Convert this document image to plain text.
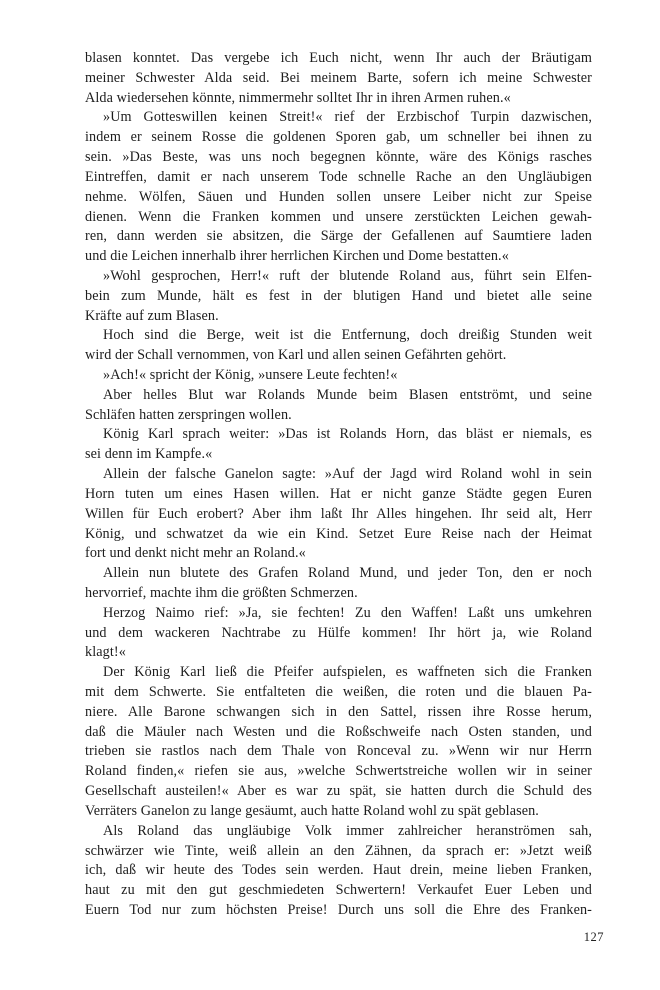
blasen konntet. Das vergebe ich Euch nicht, wenn Ihr auch der Bräutigam
meiner Schwester Alda seid. Bei meinem Barte, sofern ich meine Schwester
Alda wiedersehen könnte, nimmermehr solltet Ihr in ihren Armen ruhen.«
»Um Gotteswillen keinen Streit!« rief der Erzbischof Turpin dazwischen,
indem er seinem Rosse die goldenen Sporen gab, um schneller bei ihnen zu
sein. »Das Beste, was uns noch begegnen könnte, wäre des Königs rasches
Eintreffen, damit er nach unserem Tode schnelle Rache an den Ungläubigen
nehme. Wölfen, Säuen und Hunden sollen unsere Leiber nicht zur Speise
dienen. Wenn die Franken kommen und unsere zerstückten Leichen gewah-
ren, dann werden sie absitzen, die Särge der Gefallenen auf Saumtiere laden
und die Leichen innerhalb ihrer herrlichen Kirchen und Dome bestatten.«
»Wohl gesprochen, Herr!« ruft der blutende Roland aus, führt sein Elfen-
bein zum Munde, hält es fest in der blutigen Hand und bietet alle seine
Kräfte auf zum Blasen.
Hoch sind die Berge, weit ist die Entfernung, doch dreißig Stunden weit
wird der Schall vernommen, von Karl und allen seinen Gefährten gehört.
»Ach!« spricht der König, »unsere Leute fechten!«
Aber helles Blut war Rolands Munde beim Blasen entströmt, und seine
Schläfen hatten zerspringen wollen.
König Karl sprach weiter: »Das ist Rolands Horn, das bläst er niemals, es
sei denn im Kampfe.«
Allein der falsche Ganelon sagte: »Auf der Jagd wird Roland wohl in sein
Horn tuten um eines Hasen willen. Hat er nicht ganze Städte gegen Euren
Willen für Euch erobert? Aber ihm laßt Ihr Alles hingehen. Ihr seid alt, Herr
König, und schwatzet da wie ein Kind. Setzet Eure Reise nach der Heimat
fort und denkt nicht mehr an Roland.«
Allein nun blutete des Grafen Roland Mund, und jeder Ton, den er noch
hervorrief, machte ihm die größten Schmerzen.
Herzog Naimo rief: »Ja, sie fechten! Zu den Waffen! Laßt uns umkehren
und dem wackeren Nachtrabe zu Hülfe kommen! Ihr hört ja, wie Roland
klagt!«
Der König Karl ließ die Pfeifer aufspielen, es waffneten sich die Franken
mit dem Schwerte. Sie entfalteten die weißen, die roten und die blauen Pa-
niere. Alle Barone schwangen sich in den Sattel, rissen ihre Rosse herum,
daß die Mäuler nach Westen und die Roßschweife nach Osten standen, und
trieben sie rastlos nach dem Thale von Ronceval zu. »Wenn wir nur Herrn
Roland finden,« riefen sie aus, »welche Schwertstreiche wollen wir in seiner
Gesellschaft austeilen!« Aber es war zu spät, sie hatten durch die Schuld des
Verräters Ganelon zu lange gesäumt, auch hatte Roland wohl zu spät geblasen.
Als Roland das ungläubige Volk immer zahlreicher heranströmen sah,
schwärzer wie Tinte, weiß allein an den Zähnen, da sprach er: »Jetzt weiß
ich, daß wir heute des Todes sein werden. Haut drein, meine lieben Franken,
haut zu mit den gut geschmiedeten Schwertern! Verkaufet Euer Leben und
Euern Tod nur zum höchsten Preise! Durch uns soll die Ehre des Franken-
127
